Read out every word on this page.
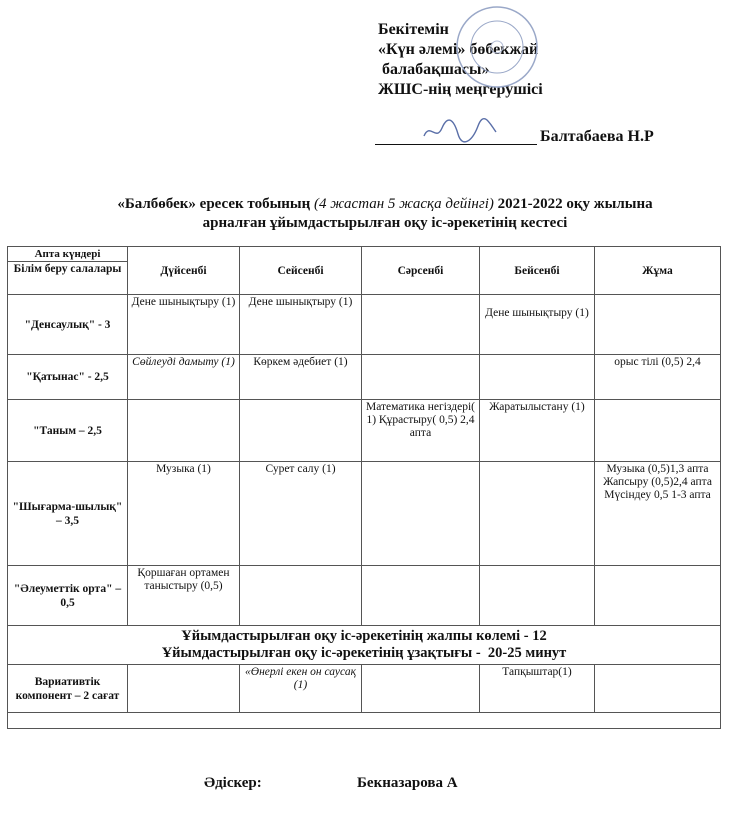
Бекітемін
«Күн әлемі» бөбекжай
балабақшасы»
ЖШС-нің меңгерушісі
Балтабаева Н.Р
«Балбөбек» ересек тобының (4 жастан 5 жасқа дейінгі) 2021-2022 оқу жылына
арналған ұйымдастырылған оқу іс-әрекетінің кестесі
Апта күндері	Дүйсенбі	Сейсенбі	Сәрсенбі	Бейсенбі	Жұма
Білім беру салалары					
"Денсаулық" - 3	Дене шынықтыру (1)	Дене шынықтыру (1)		Дене шынықтыру (1)	
"Қатынас" - 2,5	Сөйлеуді дамыту (1)	Көркем әдебиет (1)			орыс тілі (0,5) 2,4
"Таным – 2,5			Математика негіздері( 1) Құрастыру( 0,5) 2,4 апта	Жаратылыстану (1)	
"Шығарма-шылық" – 3,5	Музыка (1)	Сурет салу (1)			Музыка (0,5)1,3 апта Жапсыру (0,5)2,4 апта Мүсіндеу 0,5 1-3 апта
"Әлеуметтік орта" – 0,5	Қоршаған ортамен таныстыру (0,5)				

Ұйымдастырылған оқу іс-әрекетінің жалпы көлемі - 12
Ұйымдастырылған оқу іс-әрекетінің ұзақтығы -  20-25 минут					

Вариативтік компонент – 2 сағат		«Өнерлі екен он саусақ (1)		Тапқыштар(1)	

Әдіскер:	Бекназарова А
